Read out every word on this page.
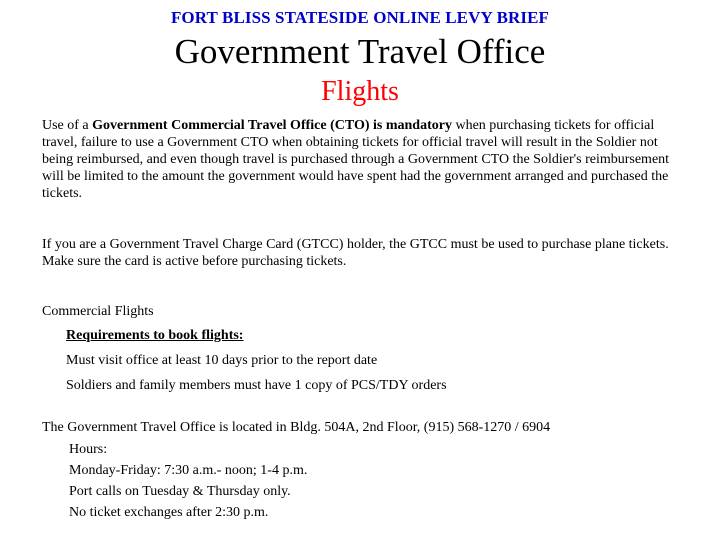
FORT BLISS STATESIDE ONLINE LEVY BRIEF
Government Travel Office
Flights
Use of a Government Commercial Travel Office (CTO) is mandatory when purchasing tickets for official travel, failure to use a Government CTO when obtaining tickets for official travel will result in the Soldier not being reimbursed, and even though travel is purchased through a Government CTO the Soldier's reimbursement will be limited to the amount the government would have spent had the government arranged and purchased the tickets.
If you are a Government Travel Charge Card (GTCC) holder, the GTCC must be used to purchase plane tickets. Make sure the card is active before purchasing tickets.
Commercial Flights
Requirements to book flights:
Must visit office at least 10 days prior to the report date
Soldiers and family members must have 1 copy of PCS/TDY orders
The Government Travel Office is located in Bldg. 504A, 2nd Floor, (915) 568-1270 / 6904
Hours:
Monday-Friday: 7:30 a.m.- noon; 1-4 p.m.
Port calls on Tuesday & Thursday only.
No ticket exchanges after 2:30 p.m.
